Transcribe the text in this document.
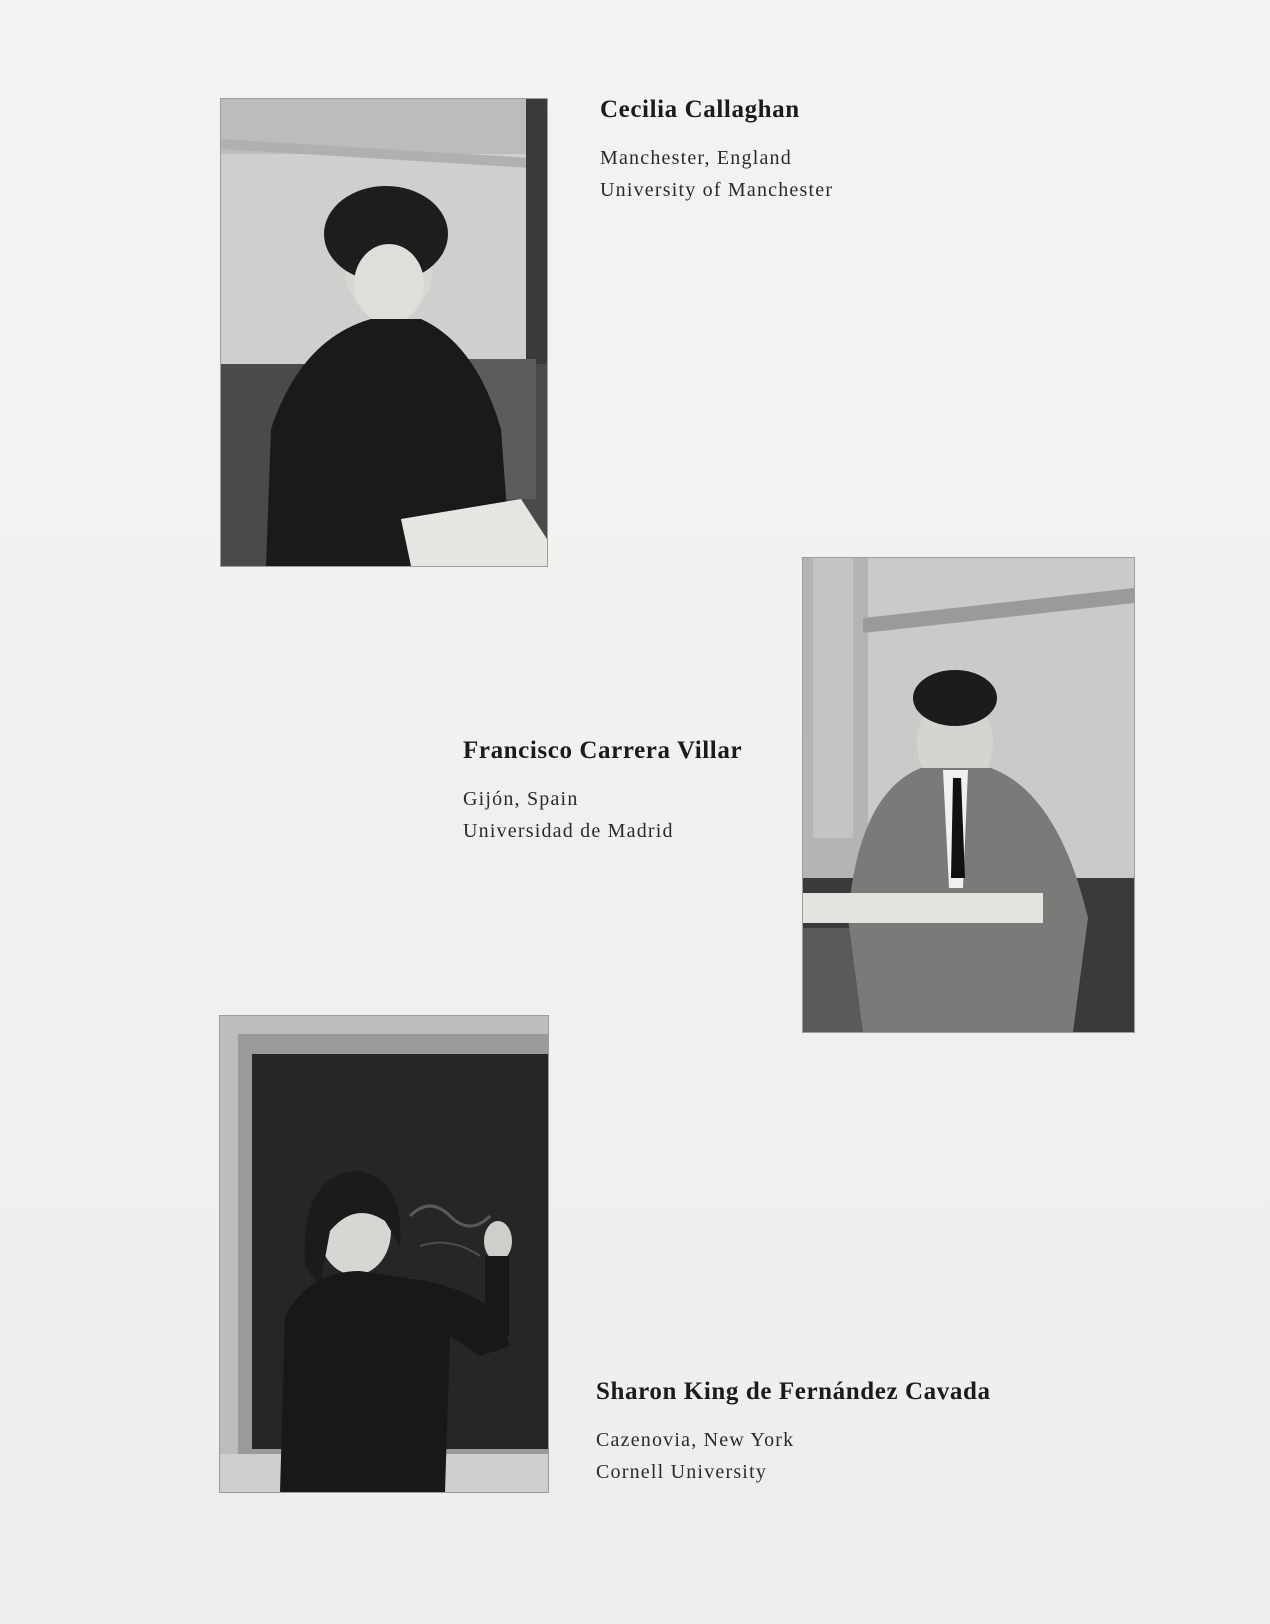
Cecilia Callaghan
Manchester, England
University of Manchester
Francisco Carrera Villar
Gijón, Spain
Universidad de Madrid
Sharon King de Fernández Cavada
Cazenovia, New York
Cornell University
